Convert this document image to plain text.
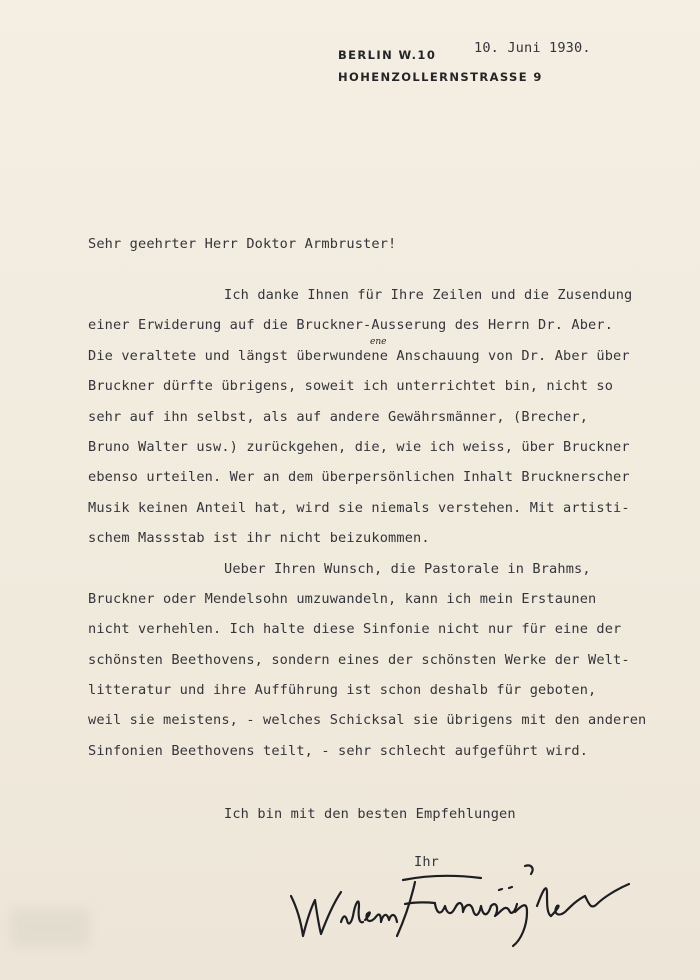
BERLIN W.10
HOHENZOLLERNSTRASSE 9
10. Juni 1930.
Sehr geehrter Herr Doktor Armbruster!
ene
Ich danke Ihnen für Ihre Zeilen und die Zusendung
einer Erwiderung auf die Bruckner-Ausserung des Herrn Dr. Aber.
Die veraltete und längst überwundene Anschauung von Dr. Aber über
Bruckner dürfte übrigens, soweit ich unterrichtet bin, nicht so
sehr auf ihn selbst, als auf andere Gewährsmänner, (Brecher,
Bruno Walter usw.) zurückgehen, die, wie ich weiss, über Bruckner
ebenso urteilen. Wer an dem überpersönlichen Inhalt Brucknerscher
Musik keinen Anteil hat, wird sie niemals verstehen. Mit artisti-
schem Massstab ist ihr nicht beizukommen.
Ueber Ihren Wunsch, die Pastorale in Brahms,
Bruckner oder Mendelsohn umzuwandeln, kann ich mein Erstaunen
nicht verhehlen. Ich halte diese Sinfonie nicht nur für eine der
schönsten Beethovens, sondern eines der schönsten Werke der Welt-
litteratur und ihre Aufführung ist schon deshalb für geboten,
weil sie meistens, - welches Schicksal sie übrigens mit den anderen
Sinfonien Beethovens teilt, - sehr schlecht aufgeführt wird.
Ich bin mit den besten Empfehlungen
Ihr
